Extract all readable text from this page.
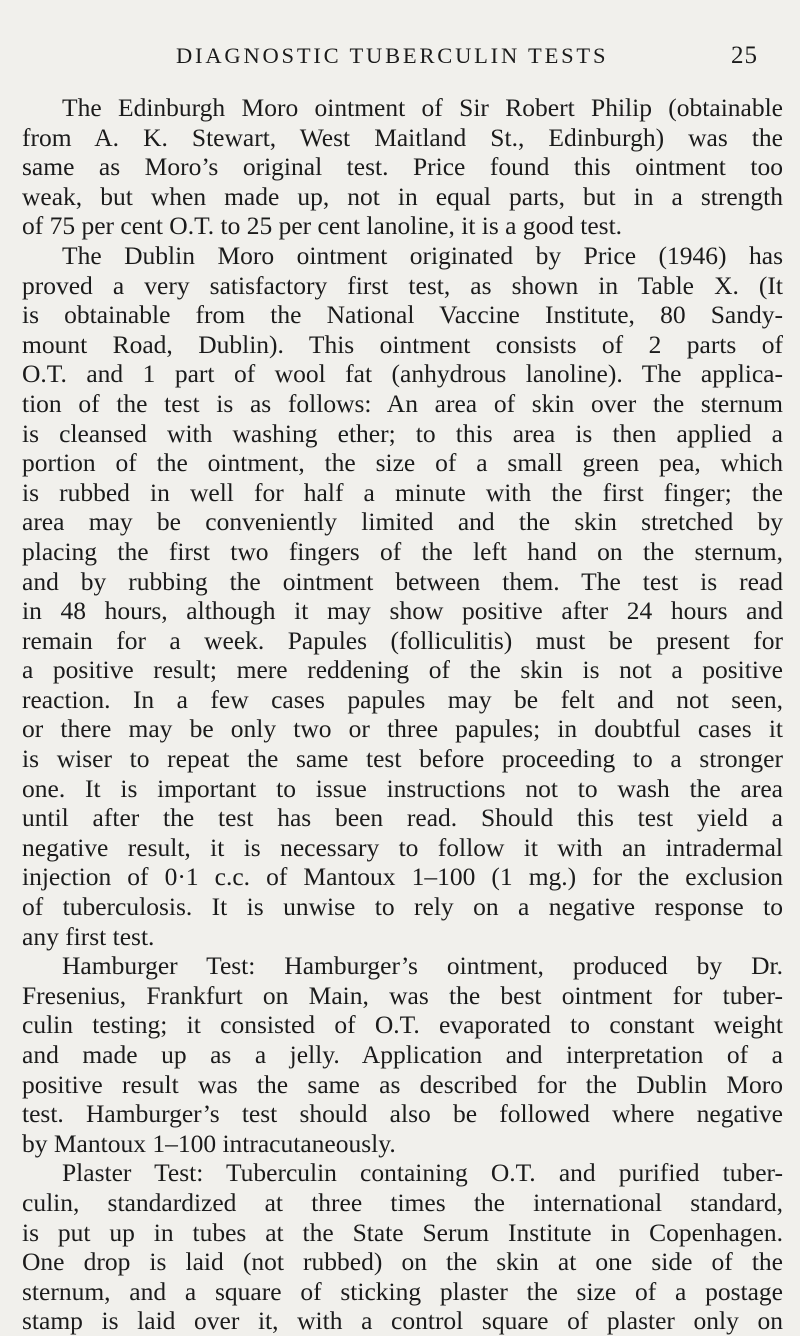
DIAGNOSTIC TUBERCULIN TESTS	25
The Edinburgh Moro ointment of Sir Robert Philip (obtainable
from A. K. Stewart, West Maitland St., Edinburgh) was the
same as Moro’s original test. Price found this ointment too
weak, but when made up, not in equal parts, but in a strength
of 75 per cent O.T. to 25 per cent lanoline, it is a good test.
The Dublin Moro ointment originated by Price (1946) has
proved a very satisfactory first test, as shown in Table X. (It
is obtainable from the National Vaccine Institute, 80 Sandy-
mount Road, Dublin). This ointment consists of 2 parts of
O.T. and 1 part of wool fat (anhydrous lanoline). The applica-
tion of the test is as follows: An area of skin over the sternum
is cleansed with washing ether; to this area is then applied a
portion of the ointment, the size of a small green pea, which
is rubbed in well for half a minute with the first finger; the
area may be conveniently limited and the skin stretched by
placing the first two fingers of the left hand on the sternum,
and by rubbing the ointment between them. The test is read
in 48 hours, although it may show positive after 24 hours and
remain for a week. Papules (folliculitis) must be present for
a positive result; mere reddening of the skin is not a positive
reaction. In a few cases papules may be felt and not seen,
or there may be only two or three papules; in doubtful cases it
is wiser to repeat the same test before proceeding to a stronger
one. It is important to issue instructions not to wash the area
until after the test has been read. Should this test yield a
negative result, it is necessary to follow it with an intradermal
injection of 0·1 c.c. of Mantoux 1–100 (1 mg.) for the exclusion
of tuberculosis. It is unwise to rely on a negative response to
any first test.
Hamburger Test: Hamburger’s ointment, produced by Dr.
Fresenius, Frankfurt on Main, was the best ointment for tuber-
culin testing; it consisted of O.T. evaporated to constant weight
and made up as a jelly. Application and interpretation of a
positive result was the same as described for the Dublin Moro
test. Hamburger’s test should also be followed where negative
by Mantoux 1–100 intracutaneously.
Plaster Test: Tuberculin containing O.T. and purified tuber-
culin, standardized at three times the international standard,
is put up in tubes at the State Serum Institute in Copenhagen.
One drop is laid (not rubbed) on the skin at one side of the
sternum, and a square of sticking plaster the size of a postage
stamp is laid over it, with a control square of plaster only on
